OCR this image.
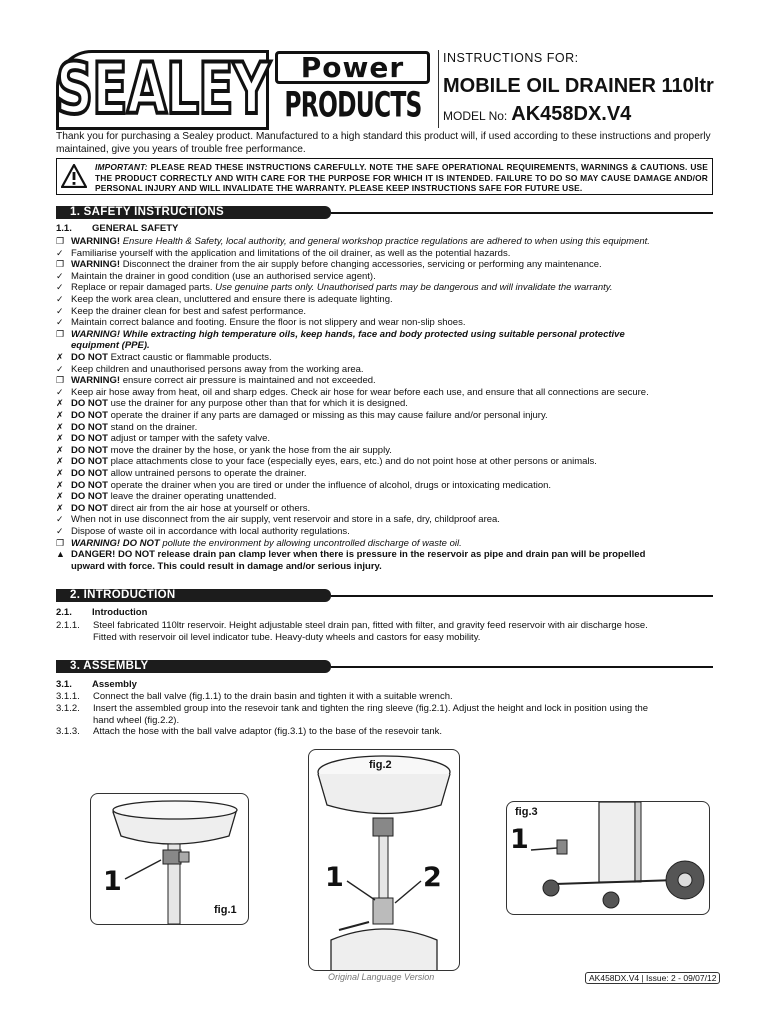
SEALEY Power
PRODUCTS
INSTRUCTIONS FOR:
MOBILE OIL DRAINER 110ltr
MODEL No: AK458DX.V4
Thank you for purchasing a Sealey product. Manufactured to a high standard this product will, if used according to these instructions and properly maintained, give you years of trouble free performance.
IMPORTANT: PLEASE READ THESE INSTRUCTIONS CAREFULLY. NOTE THE SAFE OPERATIONAL REQUIREMENTS, WARNINGS & CAUTIONS. USE THE PRODUCT CORRECTLY AND WITH CARE FOR THE PURPOSE FOR WHICH IT IS INTENDED. FAILURE TO DO SO MAY CAUSE DAMAGE AND/OR PERSONAL INJURY AND WILL INVALIDATE THE WARRANTY. PLEASE KEEP INSTRUCTIONS SAFE FOR FUTURE USE.
1. SAFETY INSTRUCTIONS
1.1. GENERAL SAFETY
❐ WARNING! Ensure Health & Safety, local authority, and general workshop practice regulations are adhered to when using this equipment.
✓ Familiarise yourself with the application and limitations of the oil drainer, as well as the potential hazards.
❐ WARNING! Disconnect the drainer from the air supply before changing accessories, servicing or performing any maintenance.
✓ Maintain the drainer in good condition (use an authorised service agent).
✓ Replace or repair damaged parts. Use genuine parts only. Unauthorised parts may be dangerous and will invalidate the warranty.
✓ Keep the work area clean, uncluttered and ensure there is adequate lighting.
✓ Keep the drainer clean for best and safest performance.
✓ Maintain correct balance and footing. Ensure the floor is not slippery and wear non-slip shoes.
❐ WARNING! While extracting high temperature oils, keep hands, face and body protected using suitable personal protective
equipment (PPE).
✗ DO NOT Extract caustic or flammable products.
✓ Keep children and unauthorised persons away from the working area.
❐ WARNING! ensure correct air pressure is maintained and not exceeded.
✓ Keep air hose away from heat, oil and sharp edges. Check air hose for wear before each use, and ensure that all connections are secure.
✗ DO NOT use the drainer for any purpose other than that for which it is designed.
✗ DO NOT operate the drainer if any parts are damaged or missing as this may cause failure and/or personal injury.
✗ DO NOT stand on the drainer.
✗ DO NOT adjust or tamper with the safety valve.
✗ DO NOT move the drainer by the hose, or yank the hose from the air supply.
✗ DO NOT place attachments close to your face (especially eyes, ears, etc.) and do not point hose at other persons or animals.
✗ DO NOT allow untrained persons to operate the drainer.
✗ DO NOT operate the drainer when you are tired or under the influence of alcohol, drugs or intoxicating medication.
✗ DO NOT leave the drainer operating unattended.
✗ DO NOT direct air from the air hose at yourself or others.
✓ When not in use disconnect from the air supply, vent reservoir and store in a safe, dry, childproof area.
✓ Dispose of waste oil in accordance with local authority regulations.
❐ WARNING! DO NOT pollute the environment by allowing uncontrolled discharge of waste oil.
▲ DANGER! DO NOT release drain pan clamp lever when there is pressure in the reservoir as pipe and drain pan will be propelled
upward with force. This could result in damage and/or serious injury.
2. INTRODUCTION
2.1. Introduction
2.1.1. Steel fabricated 110ltr reservoir. Height adjustable steel drain pan, fitted with filter, and gravity feed reservoir with air discharge hose.
Fitted with reservoir oil level indicator tube. Heavy-duty wheels and castors for easy mobility.
3. ASSEMBLY
3.1. Assembly
3.1.1. Connect the ball valve (fig.1.1) to the drain basin and tighten it with a suitable wrench.
3.1.2. Insert the assembled group into the resevoir tank and tighten the ring sleeve (fig.2.1). Adjust the height and lock in position using the
hand wheel (fig.2.2).
3.1.3. Attach the hose with the ball valve adaptor (fig.3.1) to the base of the resevoir tank.
1
fig.1
fig.2
1	2
fig.3
1
Original Language Version	AK458DX.V4 | Issue: 2 - 09/07/12
